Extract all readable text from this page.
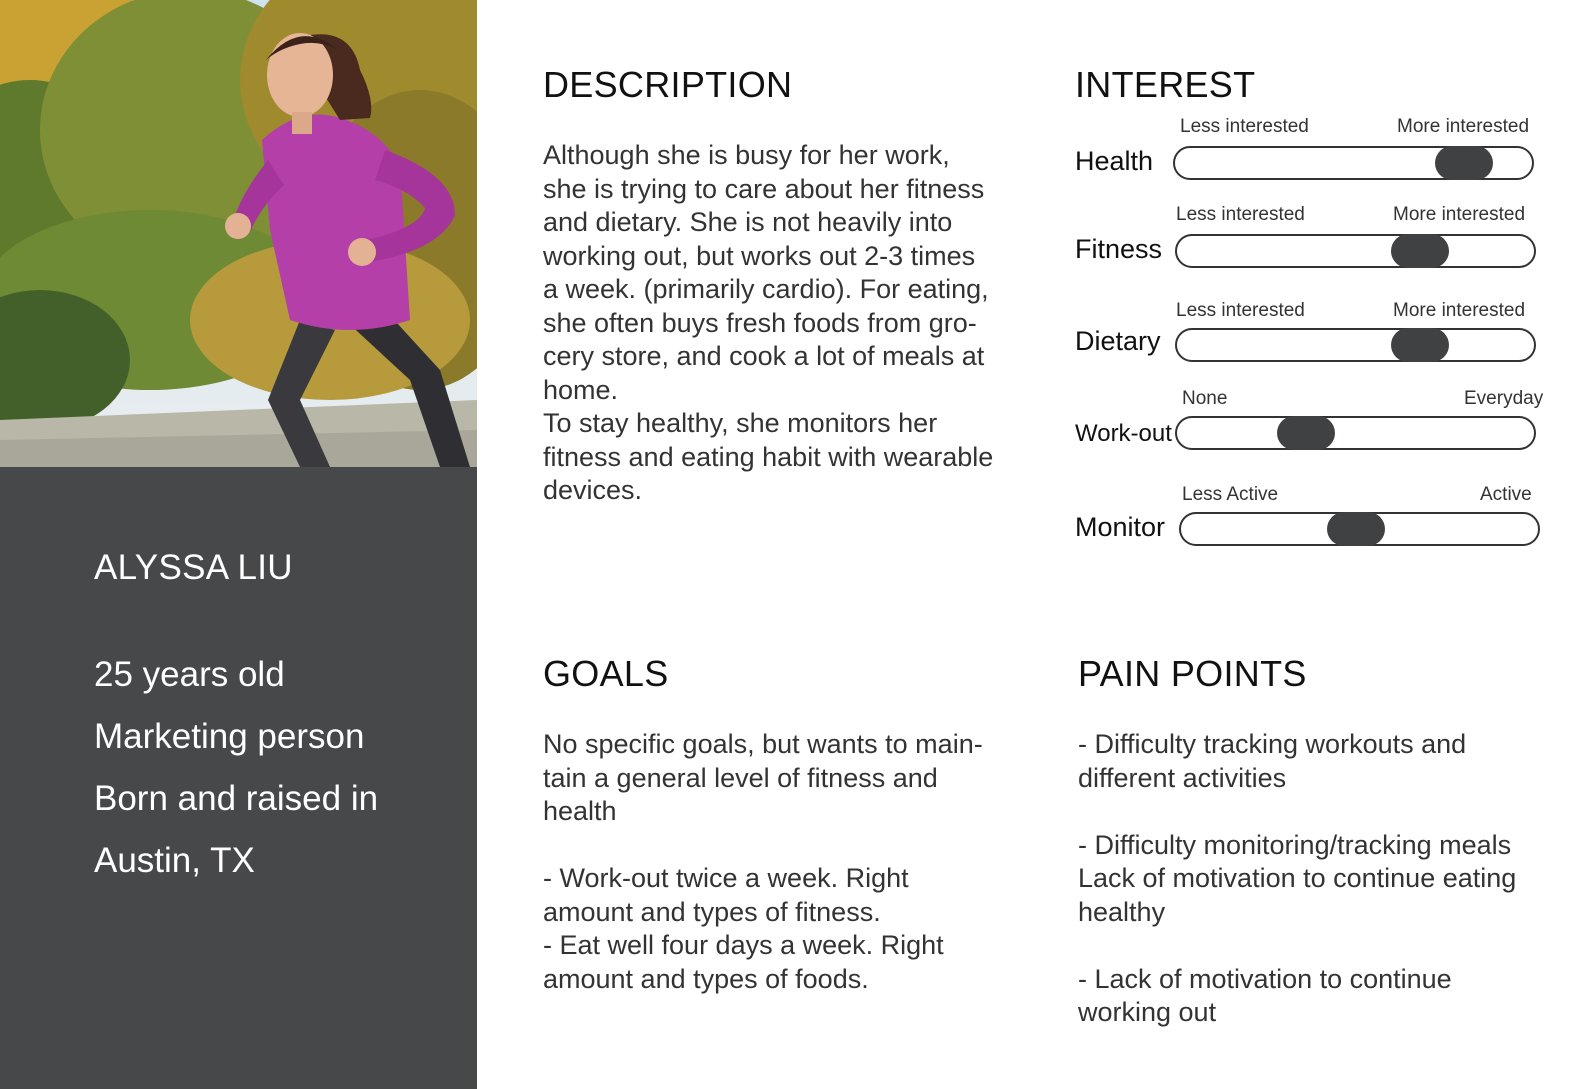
ALYSSA LIU
25 years old
Marketing person
Born and raised in
Austin, TX
DESCRIPTION

Although she is busy for her work,
she is trying to care about her fitness
and dietary. She is not heavily into
working out, but works out 2-3 times
a week. (primarily cardio). For eating,
she often buys fresh foods from gro-
cery store, and cook a lot of meals at
home.
To stay healthy, she monitors her
fitness and eating habit with wearable
devices.

INTEREST
Health
Less interested	More interested
Fitness
Less interested	More interested
Dietary
Less interested	More interested
Work-out
None	Everyday
Monitor
Less Active	Active
GOALS

No specific goals, but wants to main-
tain a general level of fitness and
health

- Work-out twice a week. Right
amount and types of fitness.
- Eat well four days a week. Right
amount and types of foods.

PAIN POINTS

- Difficulty tracking workouts and
different activities

- Difficulty monitoring/tracking meals
Lack of motivation to continue eating
healthy

- Lack of motivation to continue
working out
